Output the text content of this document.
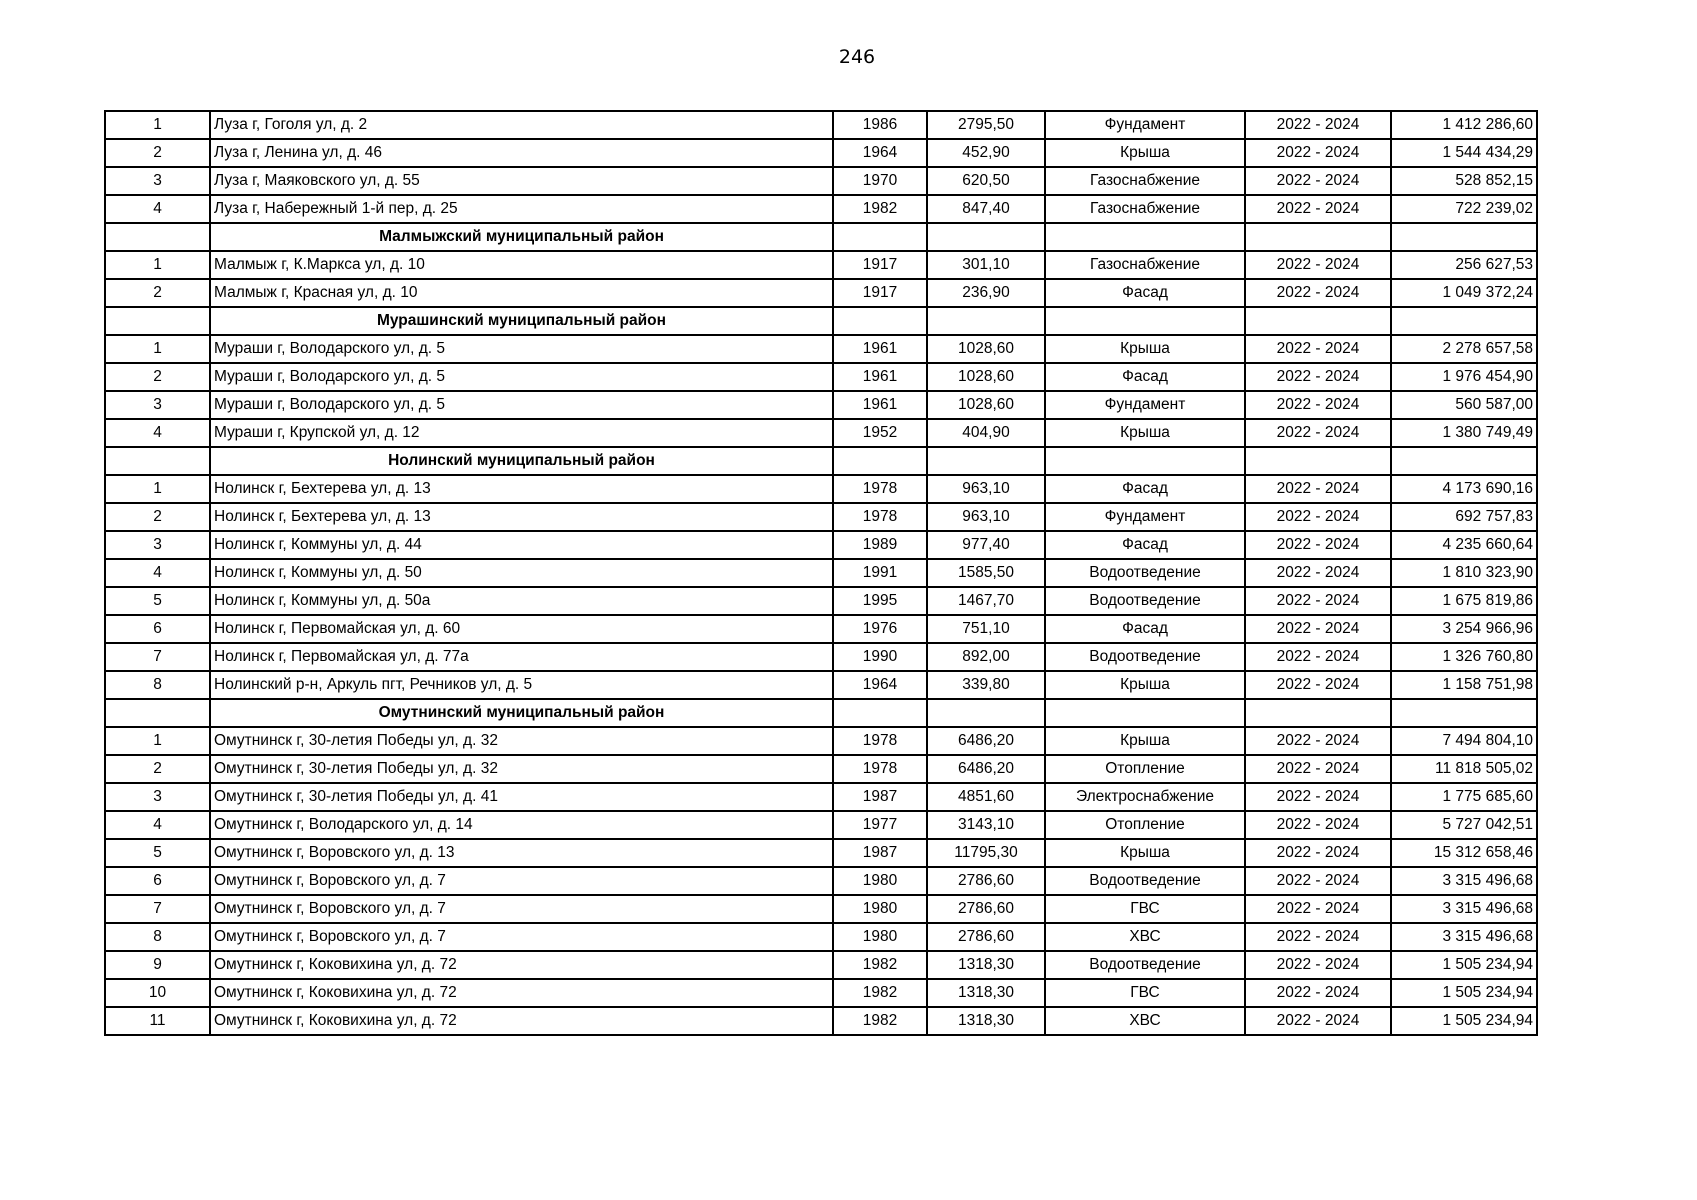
246
1	Луза г, Гоголя ул, д. 2	1986	2795,50	Фундамент	2022 - 2024	1 412 286,60
2	Луза г, Ленина ул, д. 46	1964	452,90	Крыша	2022 - 2024	1 544 434,29
3	Луза г, Маяковского ул, д. 55	1970	620,50	Газоснабжение	2022 - 2024	528 852,15
4	Луза г, Набережный 1-й пер, д. 25	1982	847,40	Газоснабжение	2022 - 2024	722 239,02
	Малмыжский муниципальный район					
1	Малмыж г, К.Маркса ул, д. 10	1917	301,10	Газоснабжение	2022 - 2024	256 627,53
2	Малмыж г, Красная ул, д. 10	1917	236,90	Фасад	2022 - 2024	1 049 372,24
	Мурашинский муниципальный район					
1	Мураши г, Володарского ул, д. 5	1961	1028,60	Крыша	2022 - 2024	2 278 657,58
2	Мураши г, Володарского ул, д. 5	1961	1028,60	Фасад	2022 - 2024	1 976 454,90
3	Мураши г, Володарского ул, д. 5	1961	1028,60	Фундамент	2022 - 2024	560 587,00
4	Мураши г, Крупской ул, д. 12	1952	404,90	Крыша	2022 - 2024	1 380 749,49
	Нолинский муниципальный район					
1	Нолинск г, Бехтерева ул, д. 13	1978	963,10	Фасад	2022 - 2024	4 173 690,16
2	Нолинск г, Бехтерева ул, д. 13	1978	963,10	Фундамент	2022 - 2024	692 757,83
3	Нолинск г, Коммуны ул, д. 44	1989	977,40	Фасад	2022 - 2024	4 235 660,64
4	Нолинск г, Коммуны ул, д. 50	1991	1585,50	Водоотведение	2022 - 2024	1 810 323,90
5	Нолинск г, Коммуны ул, д. 50а	1995	1467,70	Водоотведение	2022 - 2024	1 675 819,86
6	Нолинск г, Первомайская ул, д. 60	1976	751,10	Фасад	2022 - 2024	3 254 966,96
7	Нолинск г, Первомайская ул, д. 77а	1990	892,00	Водоотведение	2022 - 2024	1 326 760,80
8	Нолинский р-н, Аркуль пгт, Речников ул, д. 5	1964	339,80	Крыша	2022 - 2024	1 158 751,98
	Омутнинский муниципальный район					
1	Омутнинск г, 30-летия Победы ул, д. 32	1978	6486,20	Крыша	2022 - 2024	7 494 804,10
2	Омутнинск г, 30-летия Победы ул, д. 32	1978	6486,20	Отопление	2022 - 2024	11 818 505,02
3	Омутнинск г, 30-летия Победы ул, д. 41	1987	4851,60	Электроснабжение	2022 - 2024	1 775 685,60
4	Омутнинск г, Володарского ул, д. 14	1977	3143,10	Отопление	2022 - 2024	5 727 042,51
5	Омутнинск г, Воровского ул, д. 13	1987	11795,30	Крыша	2022 - 2024	15 312 658,46
6	Омутнинск г, Воровского ул, д. 7	1980	2786,60	Водоотведение	2022 - 2024	3 315 496,68
7	Омутнинск г, Воровского ул, д. 7	1980	2786,60	ГВС	2022 - 2024	3 315 496,68
8	Омутнинск г, Воровского ул, д. 7	1980	2786,60	ХВС	2022 - 2024	3 315 496,68
9	Омутнинск г, Коковихина ул, д. 72	1982	1318,30	Водоотведение	2022 - 2024	1 505 234,94
10	Омутнинск г, Коковихина ул, д. 72	1982	1318,30	ГВС	2022 - 2024	1 505 234,94
11	Омутнинск г, Коковихина ул, д. 72	1982	1318,30	ХВС	2022 - 2024	1 505 234,94
